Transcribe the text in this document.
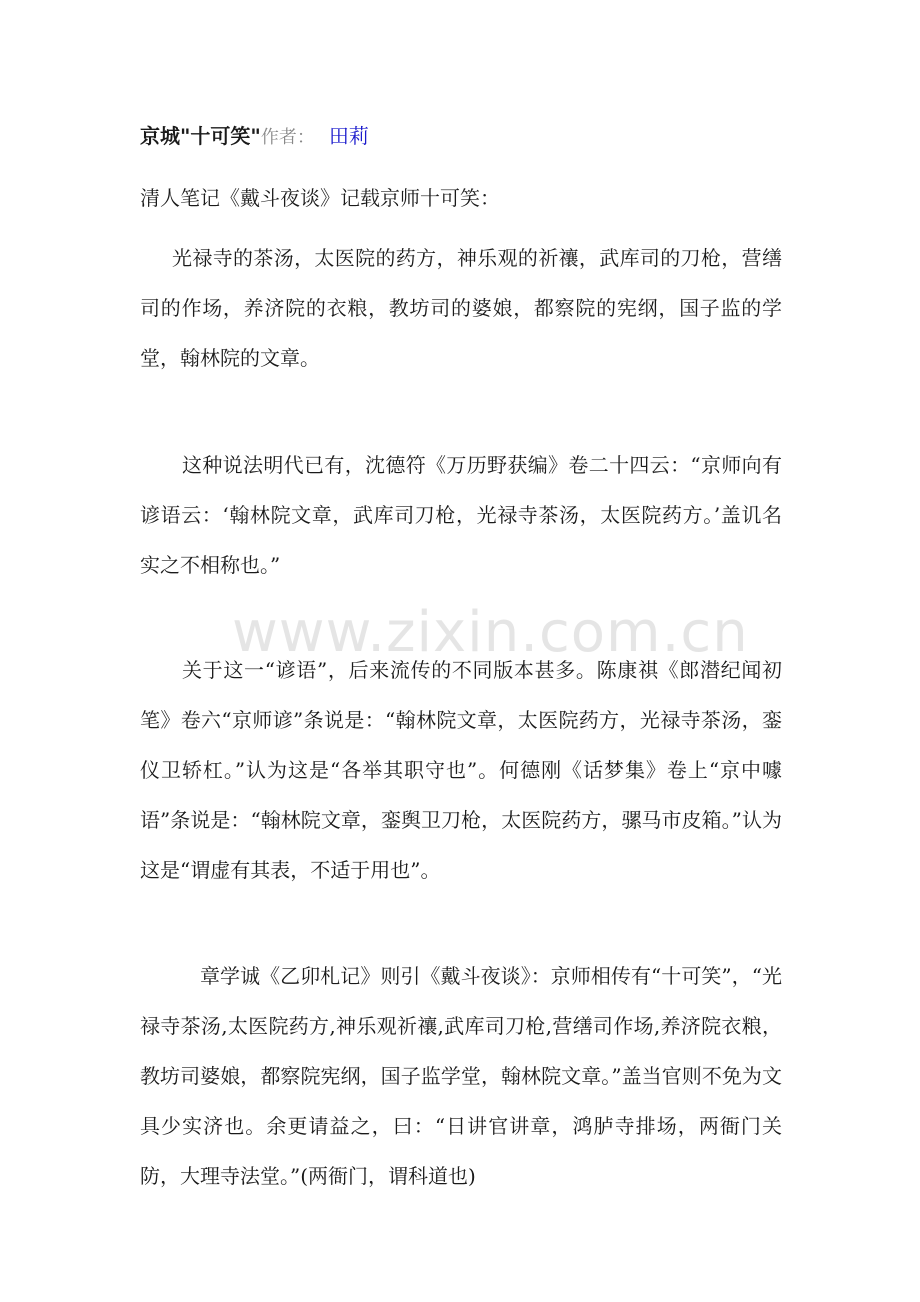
京城"十可笑"作者： 田莉
清人笔记《戴斗夜谈》记载京师十可笑：
光禄寺的茶汤，太医院的药方，神乐观的祈禳，武库司的刀枪，营缮司的作场，养济院的衣粮，教坊司的婆娘，都察院的宪纲，国子监的学堂，翰林院的文章。
这种说法明代已有，沈德符《万历野获编》卷二十四云：“京师向有谚语云：‘翰林院文章，武库司刀枪，光禄寺茶汤，太医院药方。’盖讥名实之不相称也。”
关于这一“谚语”，后来流传的不同版本甚多。陈康祺《郎潜纪闻初笔》卷六“京师谚”条说是：“翰林院文章，太医院药方，光禄寺茶汤，銮仪卫轿杠。”认为这是“各举其职守也”。何德刚《话梦集》卷上“京中噱语”条说是：“翰林院文章，銮舆卫刀枪，太医院药方，骡马市皮箱。”认为这是“谓虚有其表，不适于用也”。
章学诚《乙卯札记》则引《戴斗夜谈》：京师相传有“十可笑”，“光禄寺茶汤,太医院药方,神乐观祈禳,武库司刀枪,营缮司作场,养济院衣粮，教坊司婆娘，都察院宪纲，国子监学堂，翰林院文章。”盖当官则不免为文具少实济也。余更请益之，曰：“日讲官讲章，鸿胪寺排场，两衙门关防，大理寺法堂。”(两衙门，谓科道也)
www.zixin.com.cn
